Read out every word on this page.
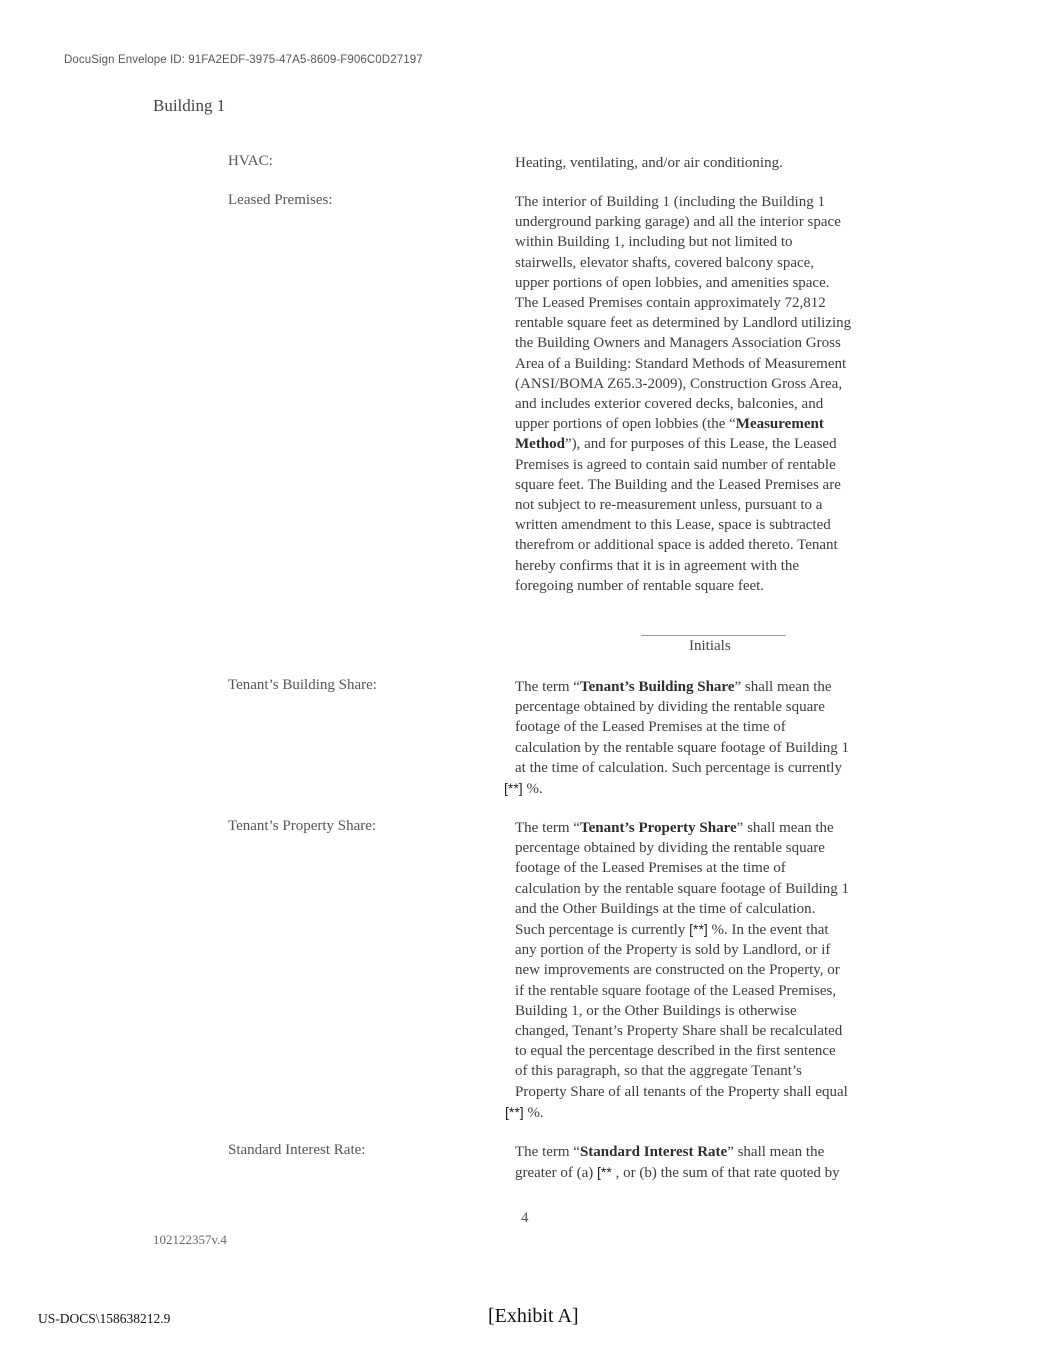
DocuSign Envelope ID: 91FA2EDF-3975-47A5-8609-F906C0D27197
Building 1
HVAC:	Heating, ventilating, and/or air conditioning.
Leased Premises:	The interior of Building 1 (including the Building 1
underground parking garage) and all the interior space
within Building 1, including but not limited to
stairwells, elevator shafts, covered balcony space,
upper portions of open lobbies, and amenities space.
The Leased Premises contain approximately 72,812
rentable square feet as determined by Landlord utilizing
the Building Owners and Managers Association Gross
Area of a Building: Standard Methods of Measurement
(ANSI/BOMA Z65.3-2009), Construction Gross Area,
and includes exterior covered decks, balconies, and
upper portions of open lobbies (the “Measurement
Method”), and for purposes of this Lease, the Leased
Premises is agreed to contain said number of rentable
square feet. The Building and the Leased Premises are
not subject to re-measurement unless, pursuant to a
written amendment to this Lease, space is subtracted
therefrom or additional space is added thereto. Tenant
hereby confirms that it is in agreement with the
foregoing number of rentable square feet.
Initials
Tenant’s Building Share:	The term “Tenant’s Building Share” shall mean the
percentage obtained by dividing the rentable square
footage of the Leased Premises at the time of
calculation by the rentable square footage of Building 1
at the time of calculation. Such percentage is currently
[**] %.
Tenant’s Property Share:	The term “Tenant’s Property Share” shall mean the
percentage obtained by dividing the rentable square
footage of the Leased Premises at the time of
calculation by the rentable square footage of Building 1
and the Other Buildings at the time of calculation.
Such percentage is currently [**] %. In the event that
any portion of the Property is sold by Landlord, or if
new improvements are constructed on the Property, or
if the rentable square footage of the Leased Premises,
Building 1, or the Other Buildings is otherwise
changed, Tenant’s Property Share shall be recalculated
to equal the percentage described in the first sentence
of this paragraph, so that the aggregate Tenant’s
Property Share of all tenants of the Property shall equal
[**] %.
Standard Interest Rate:	The term “Standard Interest Rate” shall mean the
greater of (a) [** , or (b) the sum of that rate quoted by
4
102122357v.4
US-DOCS\158638212.9	[Exhibit A]
